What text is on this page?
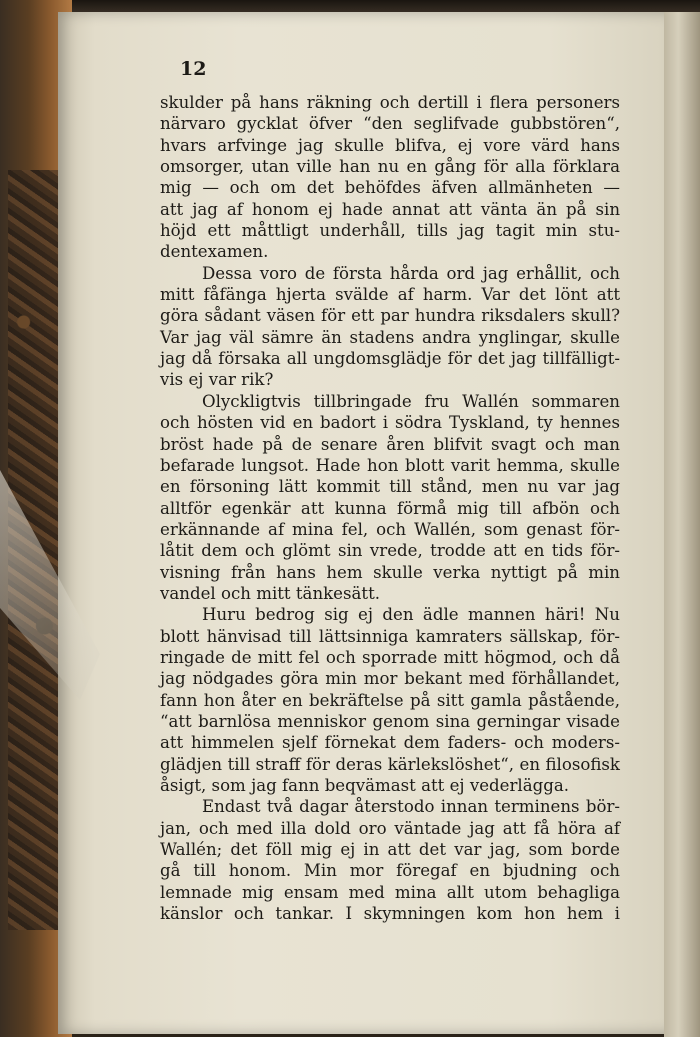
12

skulder på hans räkning och dertill i flera personers
närvaro gycklat öfver “den seglifvade gubbstören“,
hvars arfvinge jag skulle blifva, ej vore värd hans
omsorger, utan ville han nu en gång för alla förklara
mig — och om det behöfdes äfven allmänheten —
att jag af honom ej hade annat att vänta än på sin
höjd ett måttligt underhåll, tills jag tagit min stu-
dentexamen.
Dessa voro de första hårda ord jag erhållit, och
mitt fåfänga hjerta svälde af harm. Var det lönt att
göra sådant väsen för ett par hundra riksdalers skull?
Var jag väl sämre än stadens andra ynglingar, skulle
jag då försaka all ungdomsglädje för det jag tillfälligt-
vis ej var rik?
Olyckligtvis tillbringade fru Wallén sommaren
och hösten vid en badort i södra Tyskland, ty hennes
bröst hade på de senare åren blifvit svagt och man
befarade lungsot. Hade hon blott varit hemma, skulle
en försoning lätt kommit till stånd, men nu var jag
alltför egenkär att kunna förmå mig till afbön och
erkännande af mina fel, och Wallén, som genast för-
låtit dem och glömt sin vrede, trodde att en tids för-
visning från hans hem skulle verka nyttigt på min
vandel och mitt tänkesätt.
Huru bedrog sig ej den ädle mannen häri! Nu
blott hänvisad till lättsinniga kamraters sällskap, för-
ringade de mitt fel och sporrade mitt högmod, och då
jag nödgades göra min mor bekant med förhållandet,
fann hon åter en bekräftelse på sitt gamla påstående,
“att barnlösa menniskor genom sina gerningar visade
att himmelen sjelf förnekat dem faders- och moders-
glädjen till straff för deras kärlekslöshet“, en filosofisk
åsigt, som jag fann beqvämast att ej vederlägga.
Endast två dagar återstodo innan terminens bör-
jan, och med illa dold oro väntade jag att få höra af
Wallén; det föll mig ej in att det var jag, som borde
gå till honom. Min mor föregaf en bjudning och
lemnade mig ensam med mina allt utom behagliga
känslor och tankar. I skymningen kom hon hem i
